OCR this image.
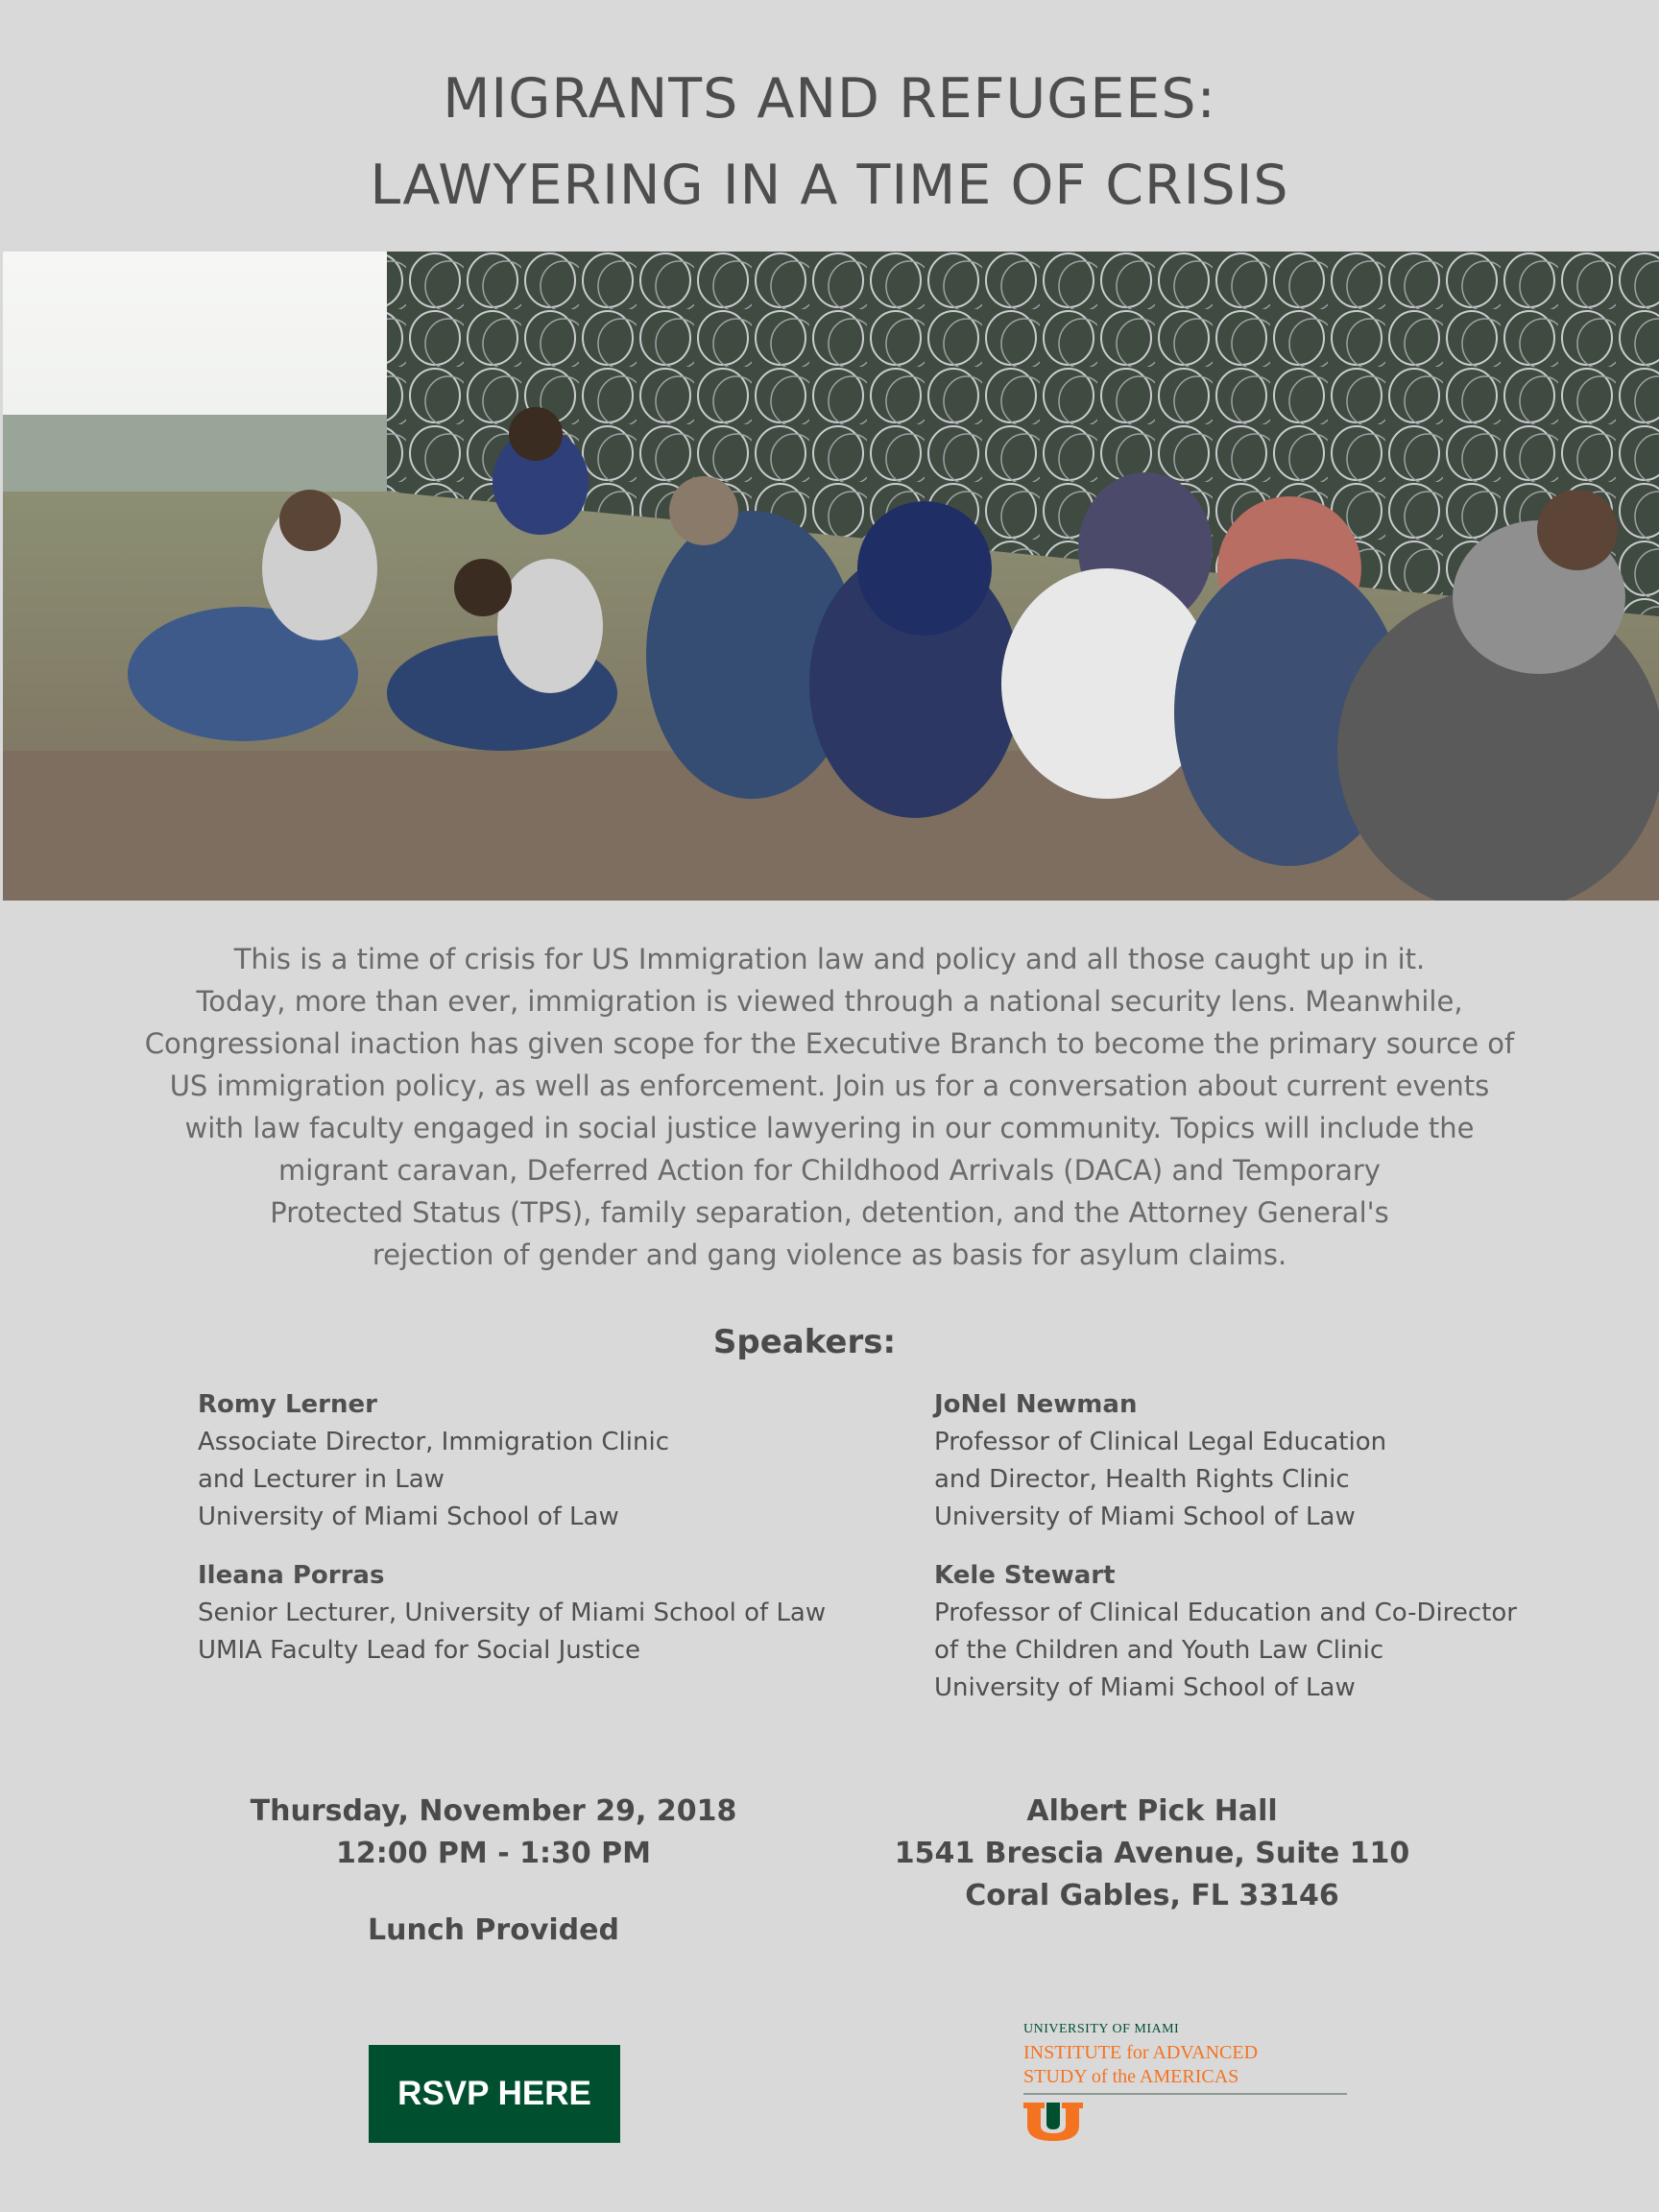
MIGRANTS AND REFUGEES:
LAWYERING IN A TIME OF CRISIS
This is a time of crisis for US Immigration law and policy and all those caught up in it.
Today, more than ever, immigration is viewed through a national security lens. Meanwhile,
Congressional inaction has given scope for the Executive Branch to become the primary source of
US immigration policy, as well as enforcement. Join us for a conversation about current events
with law faculty engaged in social justice lawyering in our community. Topics will include the
migrant caravan, Deferred Action for Childhood Arrivals (DACA) and Temporary
Protected Status (TPS), family separation, detention, and the Attorney General's
rejection of gender and gang violence as basis for asylum claims.
Speakers:
Romy Lerner
Associate Director, Immigration Clinic
and Lecturer in Law
University of Miami School of Law
JoNel Newman
Professor of Clinical Legal Education
and Director, Health Rights Clinic
University of Miami School of Law
Ileana Porras
Senior Lecturer, University of Miami School of Law
UMIA Faculty Lead for Social Justice
Kele Stewart
Professor of Clinical Education and Co-Director
of the Children and Youth Law Clinic
University of Miami School of Law
Thursday, November 29, 2018
12:00 PM - 1:30 PM
Lunch Provided
Albert Pick Hall
1541 Brescia Avenue, Suite 110
Coral Gables, FL 33146
RSVP HERE
UNIVERSITY OF MIAMI
INSTITUTE for ADVANCED
STUDY of the AMERICAS
